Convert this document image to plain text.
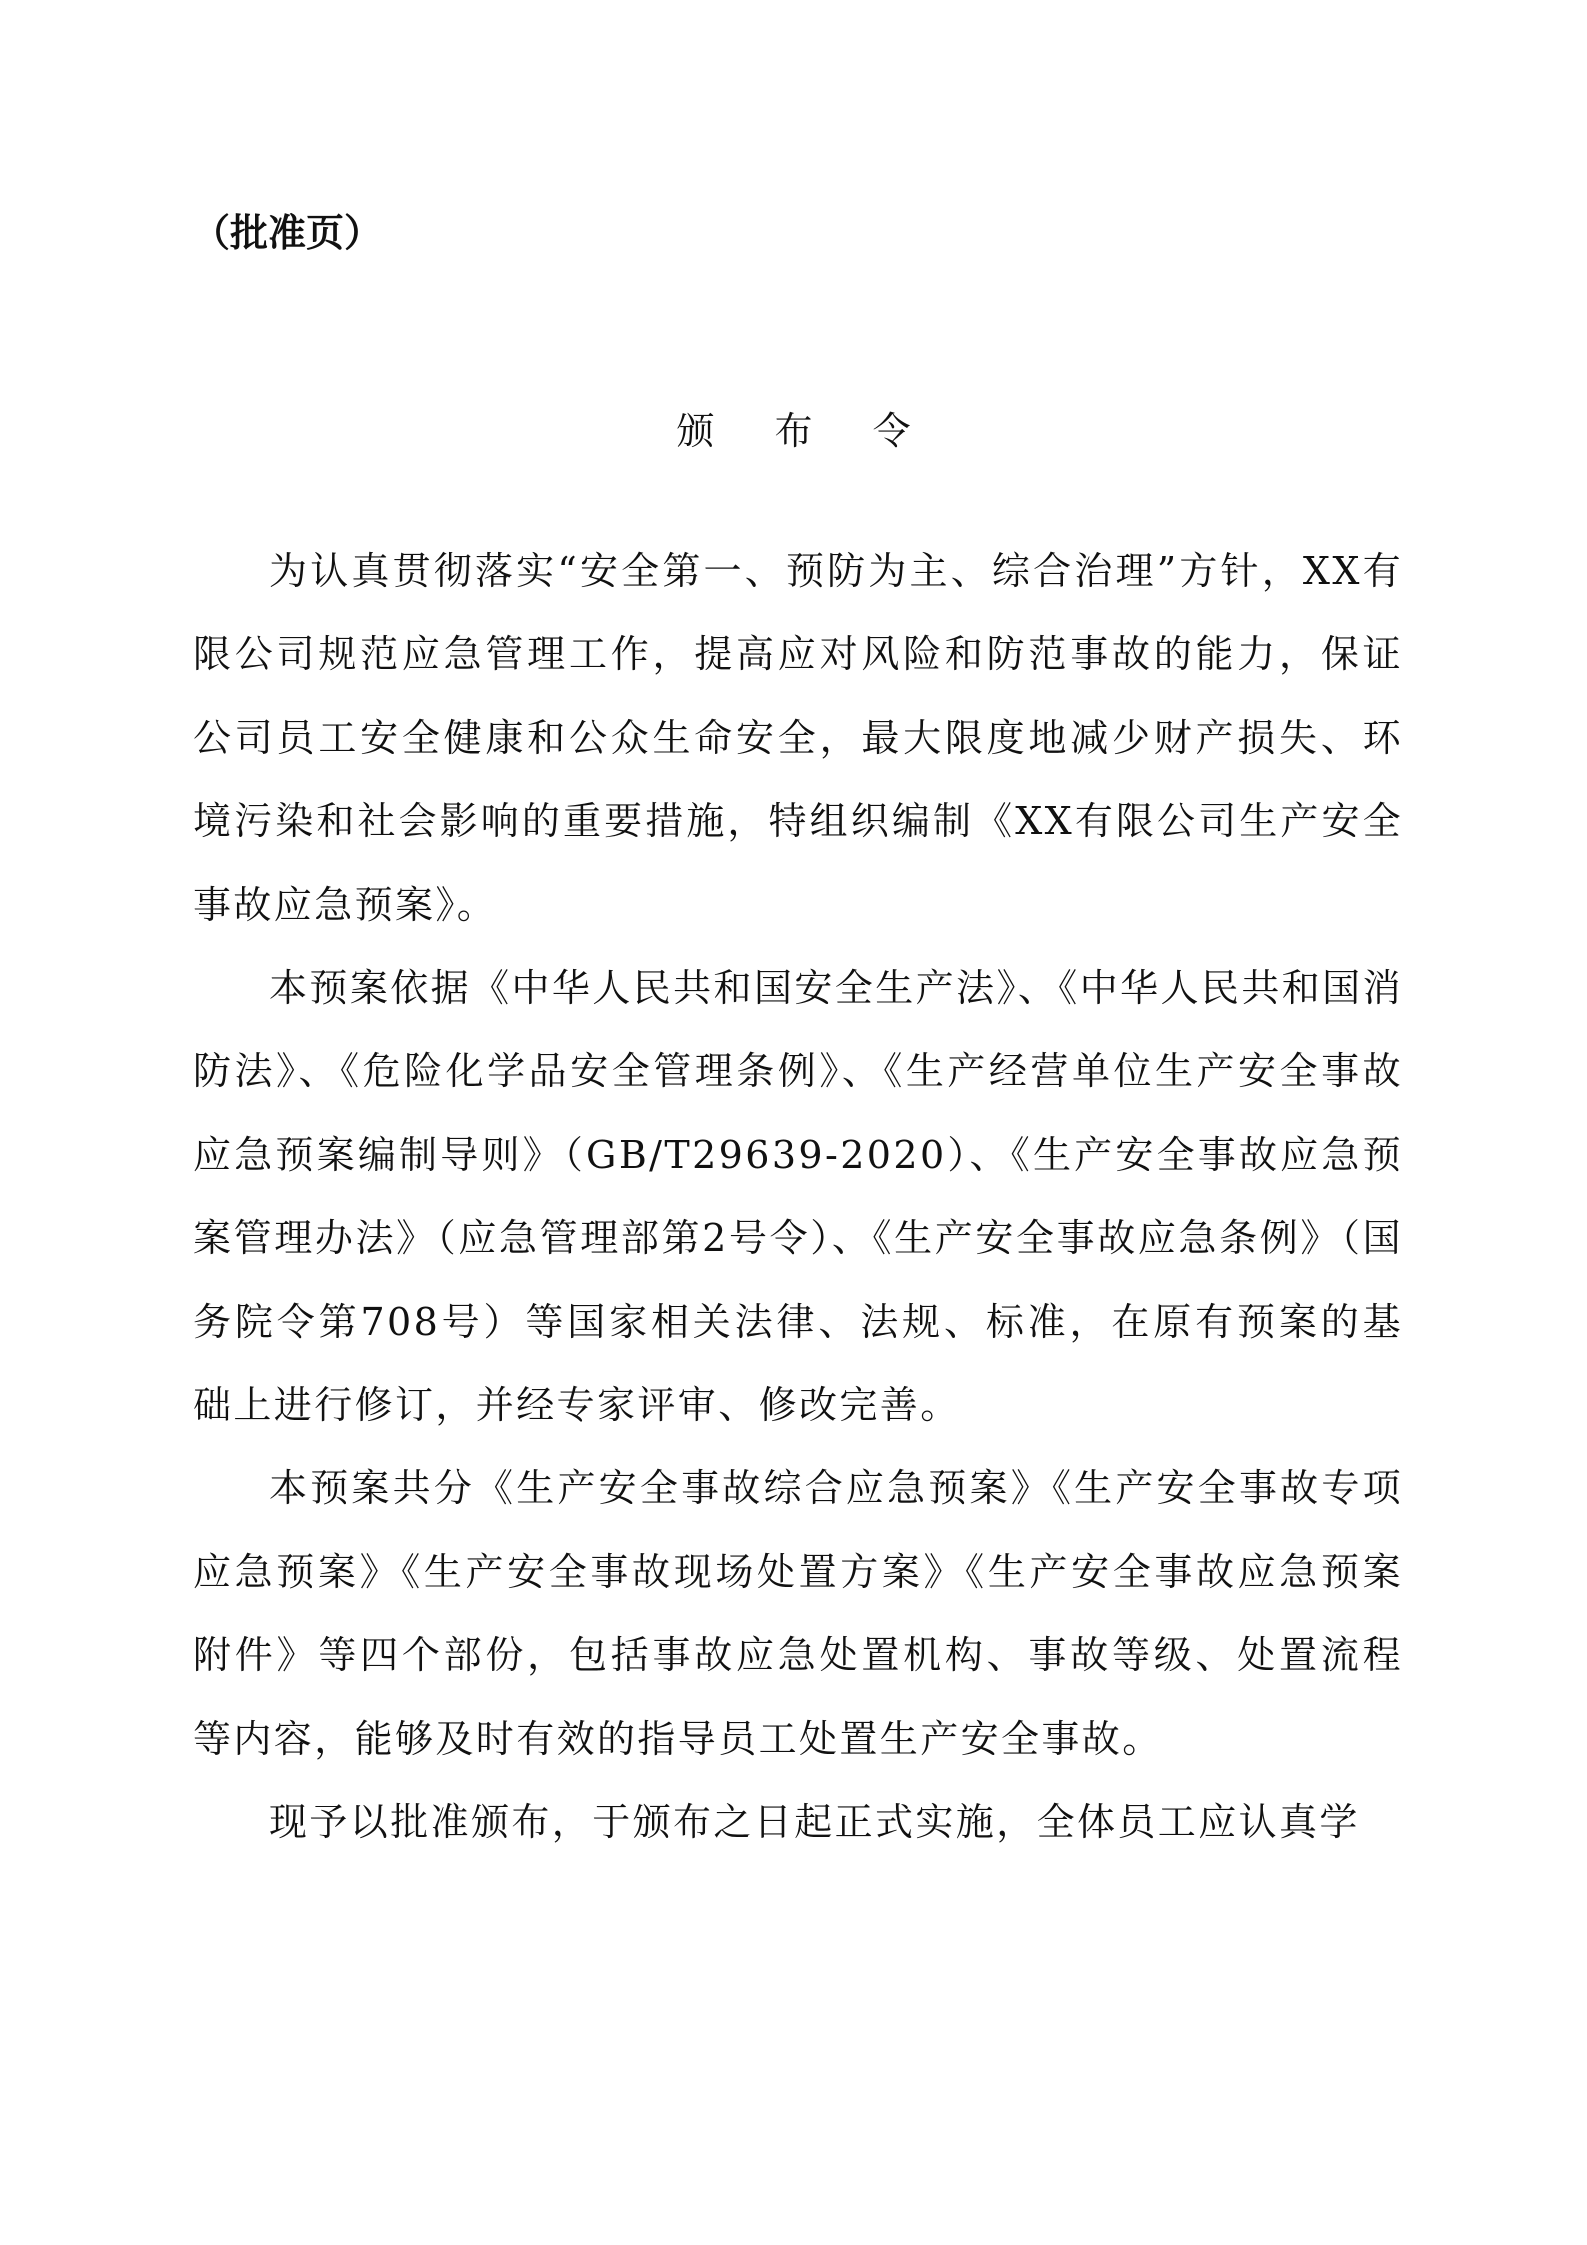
（批准页）
颁 布 令

为认真贯彻落实“安全第一、预防为主、综合治理”方针，XX有限公司规范应急管理工作，提高应对风险和防范事故的能力，保证公司员工安全健康和公众生命安全，最大限度地减少财产损失、环境污染和社会影响的重要措施，特组织编制《XX有限公司生产安全事故应急预案》。

本预案依据《中华人民共和国安全生产法》、《中华人民共和国消防法》、《危险化学品安全管理条例》、《生产经营单位生产安全事故应急预案编制导则》（GB/T29639-2020）、《生产安全事故应急预案管理办法》（应急管理部第2号令）、《生产安全事故应急条例》（国务院令第708号）等国家相关法律、法规、标准，在原有预案的基础上进行修订，并经专家评审、修改完善。

本预案共分《生产安全事故综合应急预案》《生产安全事故专项应急预案》《生产安全事故现场处置方案》《生产安全事故应急预案附件》等四个部份，包括事故应急处置机构、事故等级、处置流程等内容，能够及时有效的指导员工处置生产安全事故。

现予以批准颁布，于颁布之日起正式实施，全体员工应认真学
